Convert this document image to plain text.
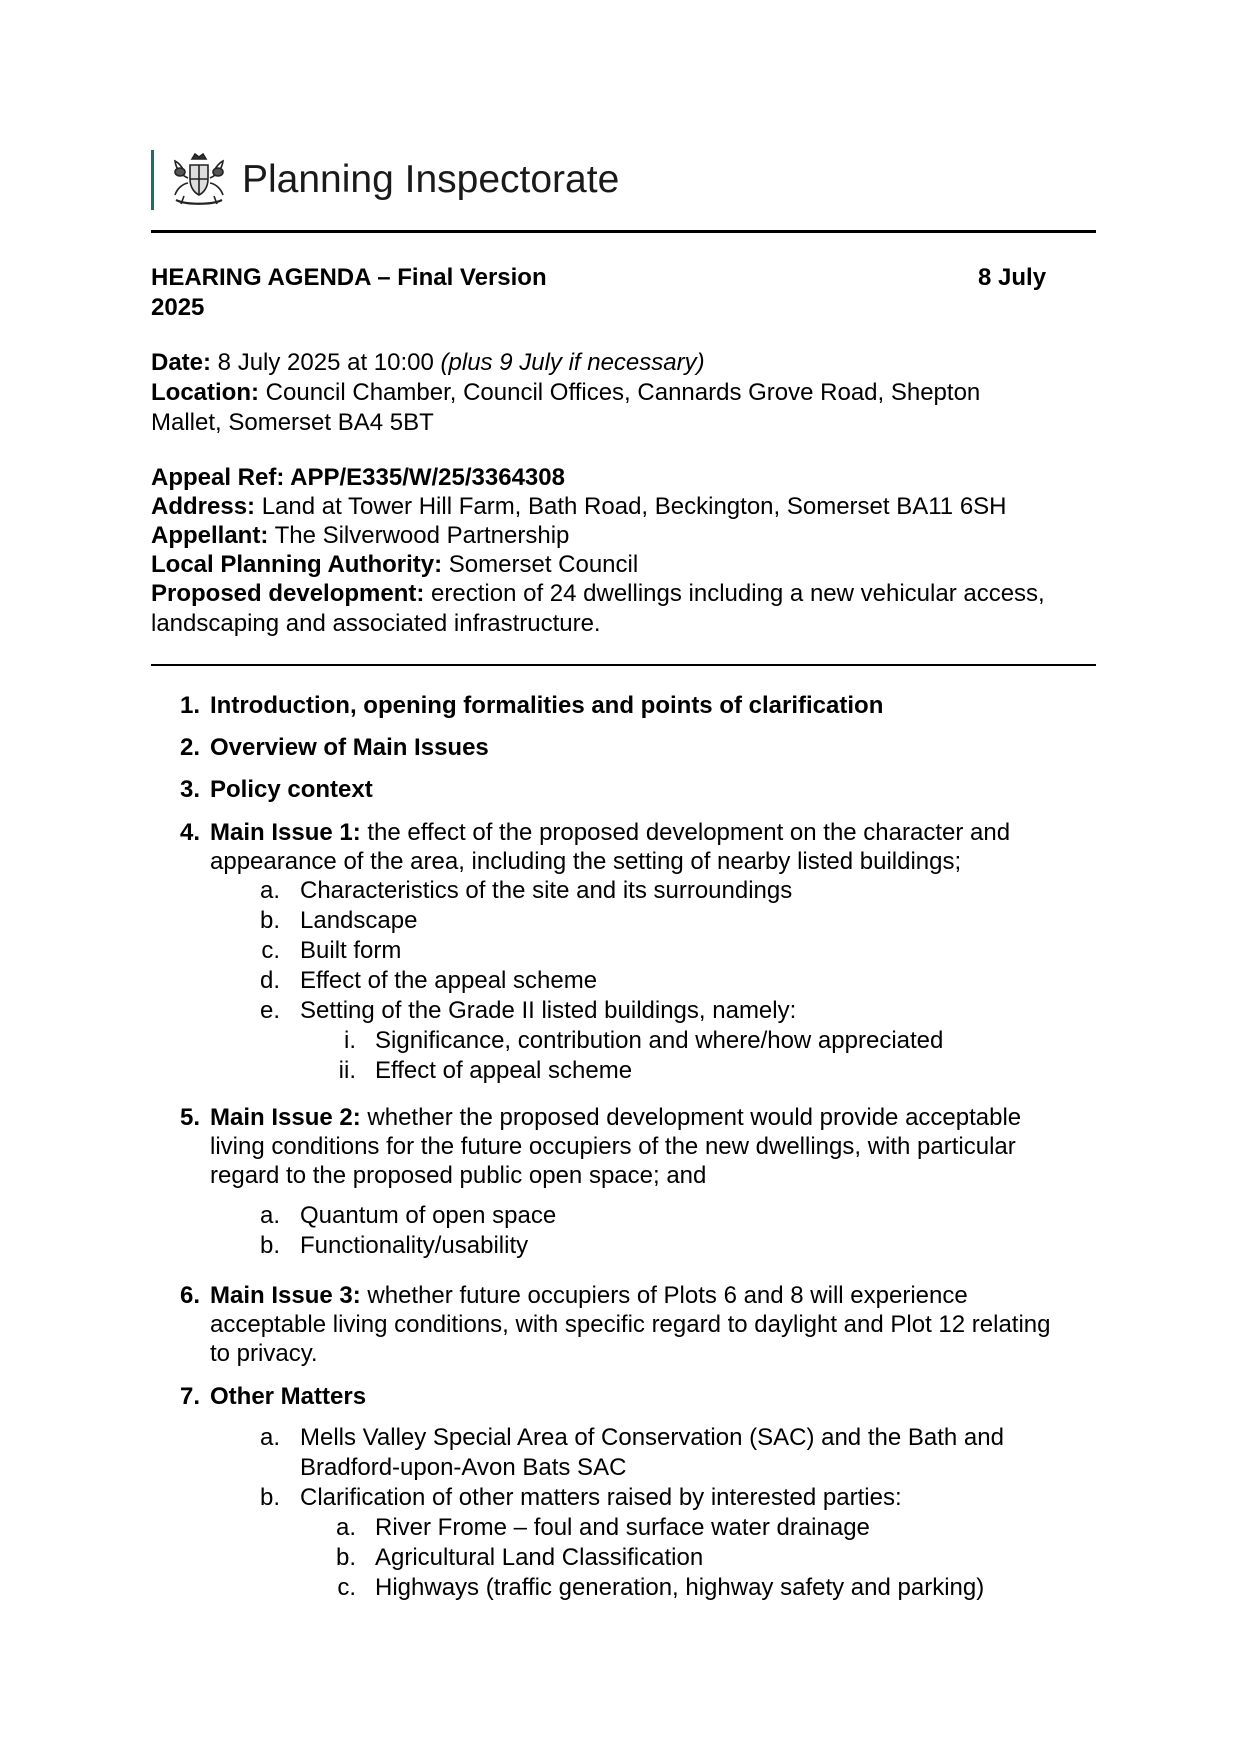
Planning Inspectorate
HEARING AGENDA – Final Version	8 July
2025
Date: 8 July 2025 at 10:00 (plus 9 July if necessary)
Location: Council Chamber, Council Offices, Cannards Grove Road, Shepton
Mallet, Somerset BA4 5BT
Appeal Ref: APP/E335/W/25/3364308
Address: Land at Tower Hill Farm, Bath Road, Beckington, Somerset BA11 6SH
Appellant: The Silverwood Partnership
Local Planning Authority: Somerset Council
Proposed development: erection of 24 dwellings including a new vehicular access,
landscaping and associated infrastructure.
1. Introduction, opening formalities and points of clarification
2. Overview of Main Issues
3. Policy context
4. Main Issue 1: the effect of the proposed development on the character and
appearance of the area, including the setting of nearby listed buildings;
a. Characteristics of the site and its surroundings
b. Landscape
c. Built form
d. Effect of the appeal scheme
e. Setting of the Grade II listed buildings, namely:
i. Significance, contribution and where/how appreciated
ii. Effect of appeal scheme
5. Main Issue 2: whether the proposed development would provide acceptable
living conditions for the future occupiers of the new dwellings, with particular
regard to the proposed public open space; and
a. Quantum of open space
b. Functionality/usability
6. Main Issue 3: whether future occupiers of Plots 6 and 8 will experience
acceptable living conditions, with specific regard to daylight and Plot 12 relating
to privacy.
7. Other Matters
a. Mells Valley Special Area of Conservation (SAC) and the Bath and
Bradford-upon-Avon Bats SAC
b. Clarification of other matters raised by interested parties:
a. River Frome – foul and surface water drainage
b. Agricultural Land Classification
c. Highways (traffic generation, highway safety and parking)
